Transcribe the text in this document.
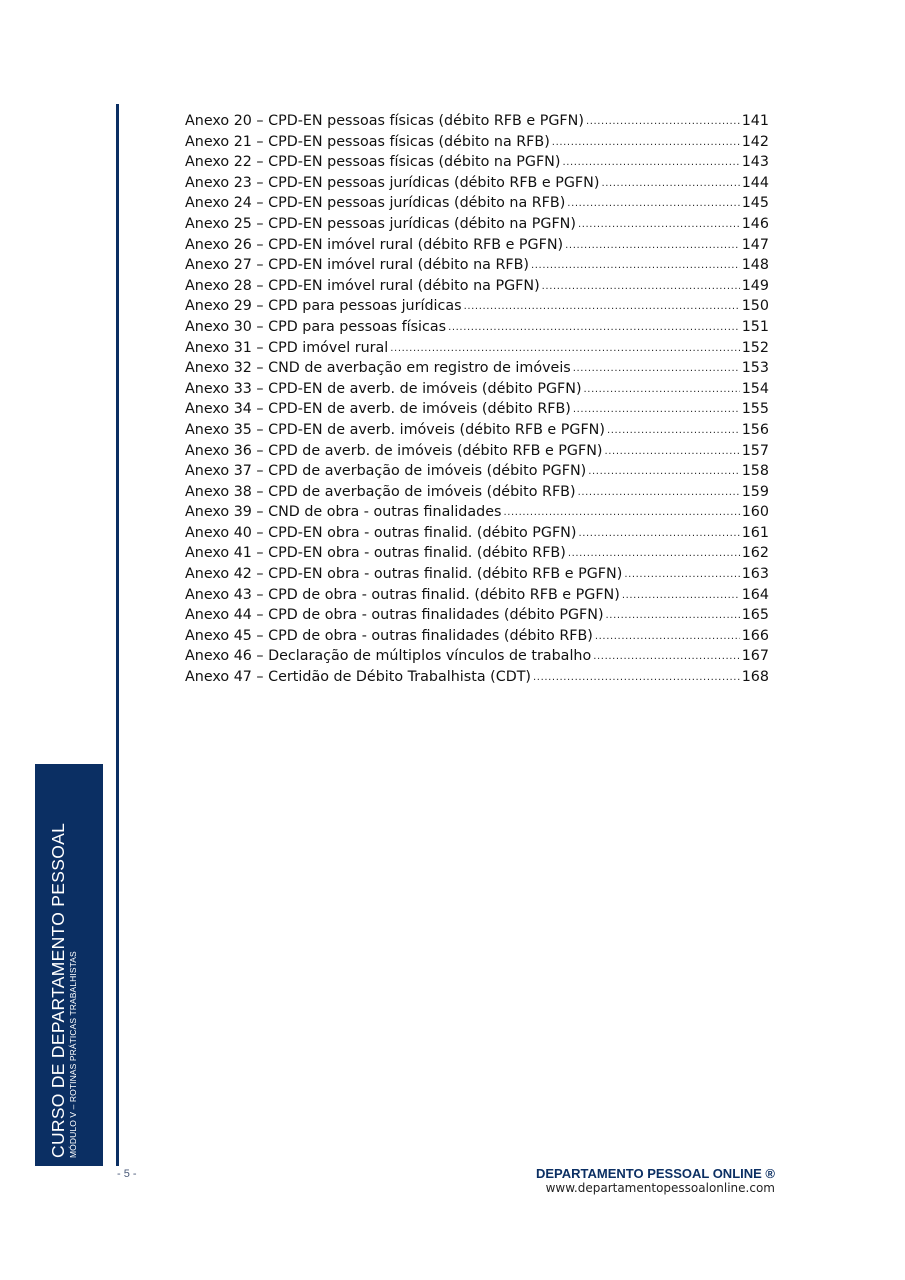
Anexo 20 – CPD-EN pessoas físicas (débito RFB e PGFN) .....	141
Anexo 21 – CPD-EN pessoas físicas (débito na RFB) .....	142
Anexo 22 – CPD-EN pessoas físicas (débito na PGFN) .....	143
Anexo 23 – CPD-EN pessoas jurídicas (débito RFB e PGFN) .....	144
Anexo 24 – CPD-EN pessoas jurídicas (débito na RFB) .....	145
Anexo 25 – CPD-EN pessoas jurídicas (débito na PGFN) .....	146
Anexo 26 – CPD-EN imóvel rural (débito RFB e PGFN) .....	147
Anexo 27 – CPD-EN imóvel rural (débito na RFB) .....	148
Anexo 28 – CPD-EN imóvel rural (débito na PGFN) .....	149
Anexo 29 – CPD para pessoas jurídicas .....	150
Anexo 30 – CPD para pessoas físicas .....	151
Anexo 31 – CPD imóvel rural .....	152
Anexo 32 – CND de averbação em registro de imóveis .....	153
Anexo 33 – CPD-EN de averb. de imóveis (débito PGFN) .....	154
Anexo 34 – CPD-EN de averb. de imóveis (débito RFB) .....	155
Anexo 35 – CPD-EN de averb. imóveis (débito RFB e PGFN) .....	156
Anexo 36 – CPD de averb. de imóveis (débito RFB e PGFN) .....	157
Anexo 37 – CPD de averbação de imóveis (débito PGFN) .....	158
Anexo 38 – CPD de averbação de imóveis (débito RFB) .....	159
Anexo 39 – CND de obra - outras finalidades .....	160
Anexo 40 – CPD-EN obra - outras finalid. (débito PGFN) .....	161
Anexo 41 – CPD-EN obra - outras finalid. (débito RFB) .....	162
Anexo 42 – CPD-EN obra - outras finalid. (débito RFB e PGFN) .....	163
Anexo 43 – CPD de obra - outras finalid. (débito RFB e PGFN) .....	164
Anexo 44 – CPD de obra - outras finalidades (débito PGFN) .....	165
Anexo 45 – CPD de obra - outras finalidades (débito RFB) .....	166
Anexo 46 – Declaração de múltiplos vínculos de trabalho .....	167
Anexo 47 – Certidão de Débito Trabalhista (CDT) .....	168
CURSO DE DEPARTAMENTO PESSOAL MÓDULO V – ROTINAS PRÁTICAS TRABALHISTAS
- 5 -	DEPARTAMENTO PESSOAL ONLINE ®
www.departamentopessoalonline.com
